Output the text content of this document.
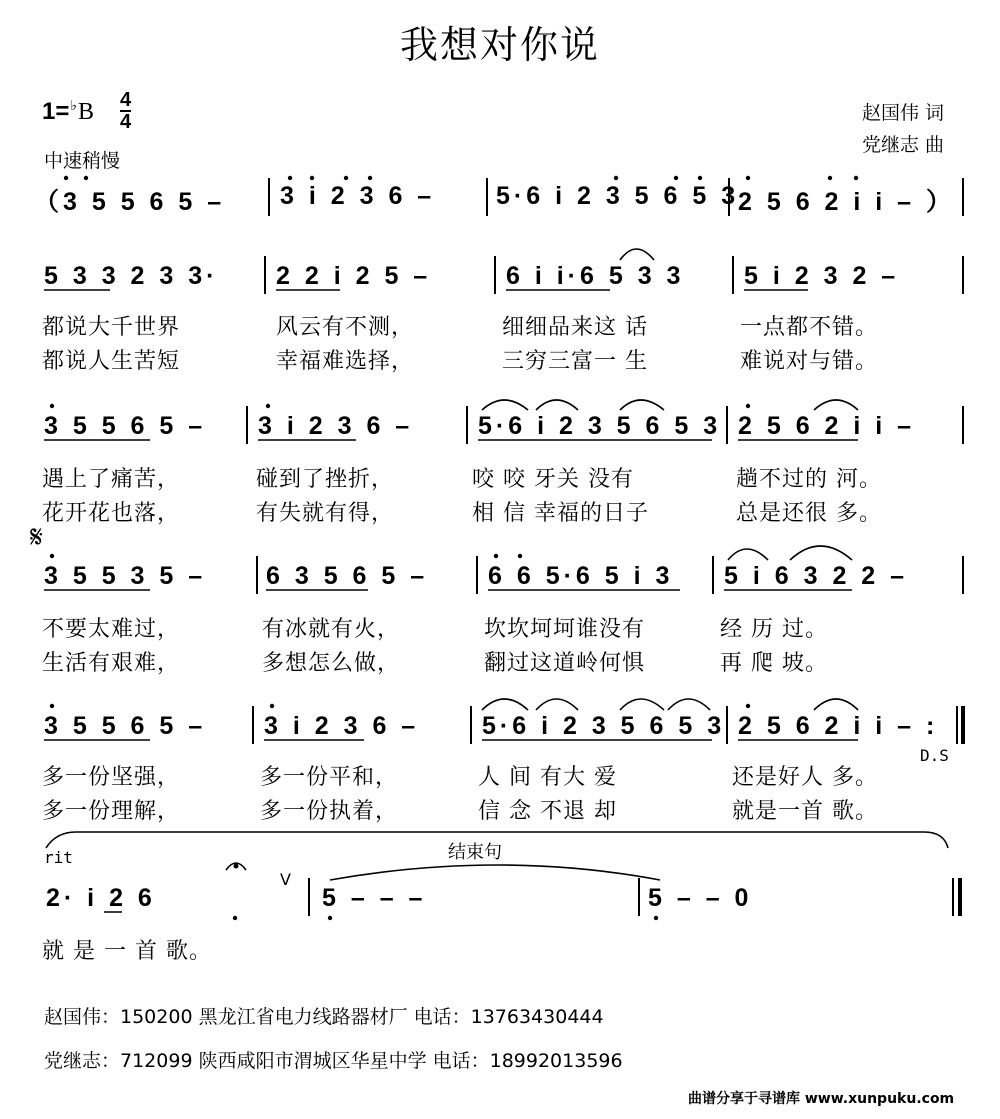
我想对你说
1=♭B 4
4
中速稍慢
赵国伟 词
党继志 曲
（3 5 5 6 5 – 3 i 2 3 6 – 5·6 i 2 3 5 6 5 3
2 5 6 2 i i – ）
5 3 3 2 3 3· 2 2 i 2 5 –	6 i i·6 5 3 3 5 i 2 3 2 –
都说大千世界	风云有不测，	细细品来这 话	一点都不错。
都说人生苦短	幸福难选择，	三穷三富一 生	难说对与错。
3 5 5 6 5 – 3 i 2 3 6 –	5·6 i 2 3 5 6 5 3 2 5 6 2 i i –
遇上了痛苦，	碰到了挫折，	咬 咬 牙关 没有	趟不过的 河。
花开花也落，	有失就有得，	相 信 幸福的日子	总是还很 多。
𝄋
3 5 5 3 5 – 6 3 5 6 5 – 6 6 5·6 5 i 3 5 i 6 3 2 2 –
不要太难过，	有冰就有火，	坎坎坷坷谁没有	经 历 过。
生活有艰难，	多想怎么做，	翻过这道岭何惧	再 爬 坡。
3 5 5 6 5 – 3 i 2 3 6 –	5·6 i 2 3 5 6 5 3 2 5 6 2 i i – :
D.S
多一份坚强，	多一份平和，	人 间 有大 爱	还是好人 多。
多一份理解，	多一份执着，	信 念 不退 却	就是一首 歌。
rit	结束句
V
2· i 2 6	5 – – –	5 – – 0
就 是 一 首 歌。
赵国伟：150200 黑龙江省电力线路器材厂 电话：13763430444
党继志：712099 陕西咸阳市渭城区华星中学 电话：18992013596
曲谱分享于寻谱库 www.xunpuku.com
